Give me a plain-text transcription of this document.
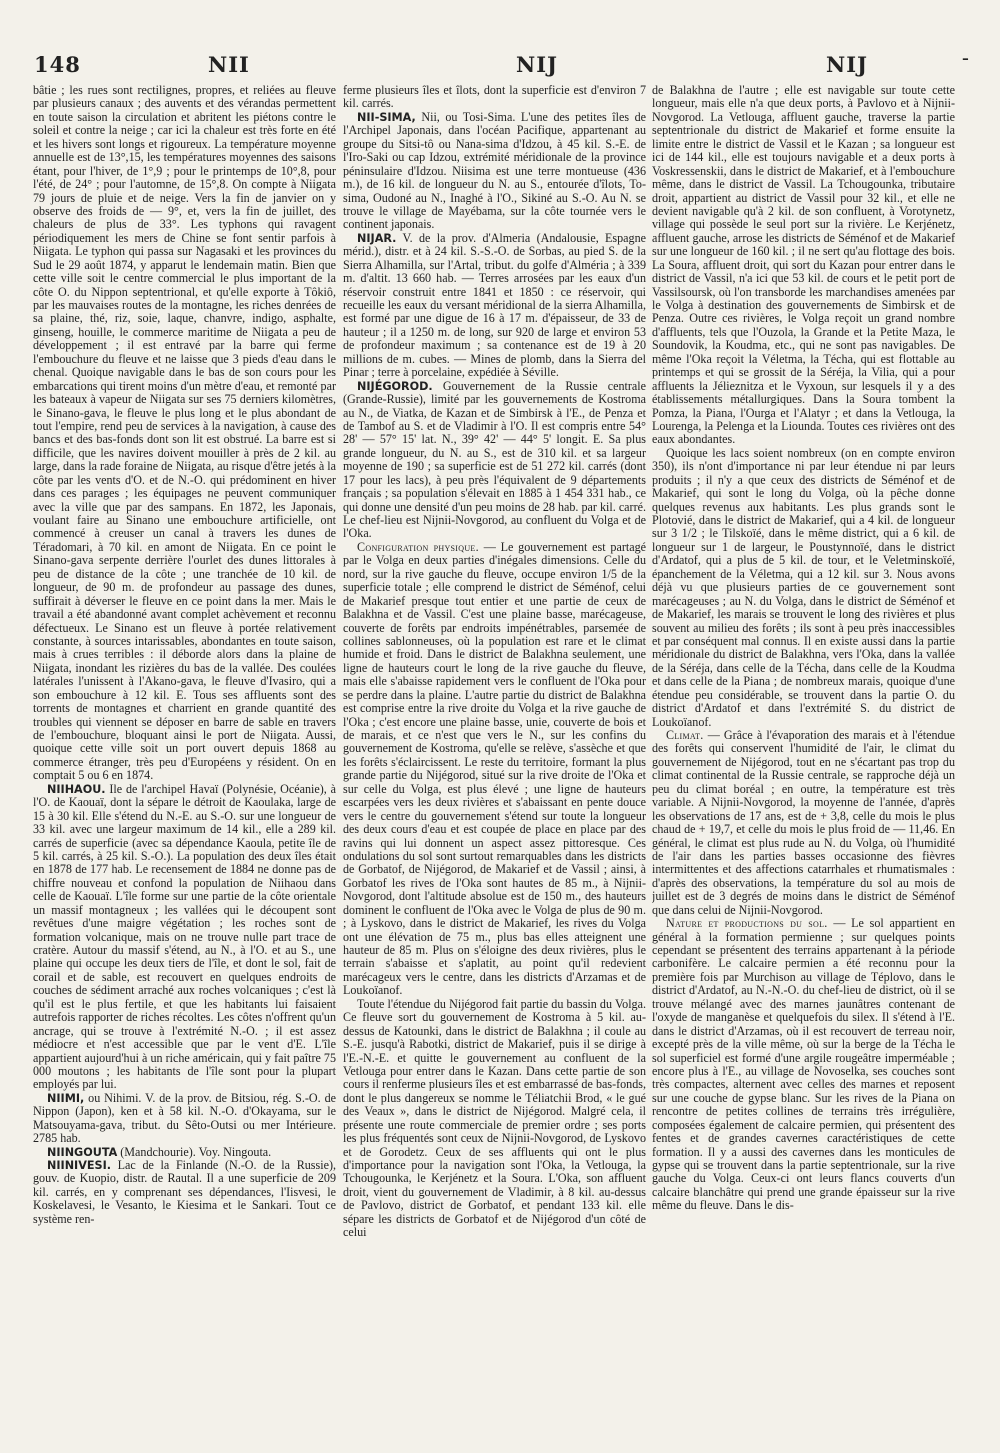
148	NII	NIJ	NIJ	-

bâtie ; les rues sont rectilignes, propres, et reliées au fleuve par plusieurs canaux ; des auvents et des vérandas permettent en toute saison la circulation et abritent les piétons contre le soleil et contre la neige ; car ici la chaleur est très forte en été et les hivers sont longs et rigoureux. La température moyenne annuelle est de 13°,15, les températures moyennes des saisons étant, pour l'hiver, de 1°,9 ; pour le printemps de 10°,8, pour l'été, de 24° ; pour l'automne, de 15°,8. On compte à Niigata 79 jours de pluie et de neige. Vers la fin de janvier on y observe des froids de — 9°, et, vers la fin de juillet, des chaleurs de plus de 33°. Les typhons qui ravagent périodiquement les mers de Chine se font sentir parfois à Niigata. Le typhon qui passa sur Nagasaki et les provinces du Sud le 29 août 1874, y apparut le lendemain matin. Bien que cette ville soit le centre commercial le plus important de la côte O. du Nippon septentrional, et qu'elle exporte à Tôkiô, par les mauvaises routes de la montagne, les riches denrées de sa plaine, thé, riz, soie, laque, chanvre, indigo, asphalte, ginseng, houille, le commerce maritime de Niigata a peu de développement ; il est entravé par la barre qui ferme l'embouchure du fleuve et ne laisse que 3 pieds d'eau dans le chenal. Quoique navigable dans le bas de son cours pour les embarcations qui tirent moins d'un mètre d'eau, et remonté par les bateaux à vapeur de Niigata sur ses 75 derniers kilomètres, le Sinano-gava, le fleuve le plus long et le plus abondant de tout l'empire, rend peu de services à la navigation, à cause des bancs et des bas-fonds dont son lit est obstrué. La barre est si difficile, que les navires doivent mouiller à près de 2 kil. au large, dans la rade foraine de Niigata, au risque d'être jetés à la côte par les vents d'O. et de N.-O. qui prédominent en hiver dans ces parages ; les équipages ne peuvent communiquer avec la ville que par des sampans. En 1872, les Japonais, voulant faire au Sinano une embouchure artificielle, ont commencé à creuser un canal à travers les dunes de Téradomari, à 70 kil. en amont de Niigata. En ce point le Sinano-gava serpente derrière l'ourlet des dunes littorales à peu de distance de la côte ; une tranchée de 10 kil. de longueur, de 90 m. de profondeur au passage des dunes, suffirait à déverser le fleuve en ce point dans la mer. Mais le travail a été abandonné avant complet achèvement et reconnu défectueux. Le Sinano est un fleuve à portée relativement constante, à sources intarissables, abondantes en toute saison, mais à crues terribles : il déborde alors dans la plaine de Niigata, inondant les rizières du bas de la vallée. Des coulées latérales l'unissent à l'Akano-gava, le fleuve d'Ivasiro, qui a son embouchure à 12 kil. E. Tous ses affluents sont des torrents de montagnes et charrient en grande quantité des troubles qui viennent se déposer en barre de sable en travers de l'embouchure, bloquant ainsi le port de Niigata. Aussi, quoique cette ville soit un port ouvert depuis 1868 au commerce étranger, très peu d'Européens y résident. On en comptait 5 ou 6 en 1874.

NIIHAOU. Ile de l'archipel Havaï (Polynésie, Océanie), à l'O. de Kaouaï, dont la sépare le détroit de Kaoulaka, large de 15 à 30 kil. Elle s'étend du N.-E. au S.-O. sur une longueur de 33 kil. avec une largeur maximum de 14 kil., elle a 289 kil. carrés de superficie (avec sa dépendance Kaoula, petite île de 5 kil. carrés, à 25 kil. S.-O.). La population des deux îles était en 1878 de 177 hab. Le recensement de 1884 ne donne pas de chiffre nouveau et confond la population de Niihaou dans celle de Kaouaï. L'île forme sur une partie de la côte orientale un massif montagneux ; les vallées qui le découpent sont revêtues d'une maigre végétation ; les roches sont de formation volcanique, mais on ne trouve nulle part trace de cratère. Autour du massif s'étend, au N., à l'O. et au S., une plaine qui occupe les deux tiers de l'île, et dont le sol, fait de corail et de sable, est recouvert en quelques endroits de couches de sédiment arraché aux roches volcaniques ; c'est là qu'il est le plus fertile, et que les habitants lui faisaient autrefois rapporter de riches récoltes. Les côtes n'offrent qu'un ancrage, qui se trouve à l'extrémité N.-O. ; il est assez médiocre et n'est accessible que par le vent d'E. L'île appartient aujourd'hui à un riche américain, qui y fait paître 75 000 moutons ; les habitants de l'île sont pour la plupart employés par lui.

NIIMI, ou Nihimi. V. de la prov. de Bitsiou, rég. S.-O. de Nippon (Japon), ken et à 58 kil. N.-O. d'Okayama, sur le Matsouyama-gava, tribut. du Sêto-Outsi ou mer Intérieure. 2785 hab.

NIINGOUTA (Mandchourie). Voy. Ningouta.

NIINIVESI. Lac de la Finlande (N.-O. de la Russie), gouv. de Kuopio, distr. de Rautal. Il a une superficie de 209 kil. carrés, en y comprenant ses dépendances, l'Iisvesi, le Koskelavesi, le Vesanto, le Kiesima et le Sankari. Tout ce système ren-

ferme plusieurs îles et îlots, dont la superficie est d'environ 7 kil. carrés.

NII-SIMA, Nii, ou Tosi-Sima. L'une des petites îles de l'Archipel Japonais, dans l'océan Pacifique, appartenant au groupe du Sitsi-tô ou Nana-sima d'Idzou, à 45 kil. S.-E. de l'Iro-Saki ou cap Idzou, extrémité méridionale de la province péninsulaire d'Idzou. Niisima est une terre montueuse (436 m.), de 16 kil. de longueur du N. au S., entourée d'îlots, To-sima, Oudoné au N., Inaghé à l'O., Sikiné au S.-O. Au N. se trouve le village de Mayébama, sur la côte tournée vers le continent japonais.

NIJAR. V. de la prov. d'Almeria (Andalousie, Espagne mérid.), distr. et à 24 kil. S.-S.-O. de Sorbas, au pied S. de la Sierra Alhamilla, sur l'Artal, tribut. du golfe d'Alméria ; à 339 m. d'altit. 13 660 hab. — Terres arrosées par les eaux d'un réservoir construit entre 1841 et 1850 : ce réservoir, qui recueille les eaux du versant méridional de la sierra Alhamilla, est formé par une digue de 16 à 17 m. d'épaisseur, de 33 de hauteur ; il a 1250 m. de long, sur 920 de large et environ 53 de profondeur maximum ; sa contenance est de 19 à 20 millions de m. cubes. — Mines de plomb, dans la Sierra del Pinar ; terre à porcelaine, expédiée à Séville.

NIJÉGOROD. Gouvernement de la Russie centrale (Grande-Russie), limité par les gouvernements de Kostroma au N., de Viatka, de Kazan et de Simbirsk à l'E., de Penza et de Tambof au S. et de Vladimir à l'O. Il est compris entre 54° 28' — 57° 15' lat. N., 39° 42' — 44° 5' longit. E. Sa plus grande longueur, du N. au S., est de 310 kil. et sa largeur moyenne de 190 ; sa superficie est de 51 272 kil. carrés (dont 17 pour les lacs), à peu près l'équivalent de 9 départements français ; sa population s'élevait en 1885 à 1 454 331 hab., ce qui donne une densité d'un peu moins de 28 hab. par kil. carré. Le chef-lieu est Nijnii-Novgorod, au confluent du Volga et de l'Oka.

Configuration physique. — Le gouvernement est partagé par le Volga en deux parties d'inégales dimensions. Celle du nord, sur la rive gauche du fleuve, occupe environ 1/5 de la superficie totale ; elle comprend le district de Séménof, celui de Makarief presque tout entier et une partie de ceux de Balakhna et de Vassil. C'est une plaine basse, marécageuse, couverte de forêts par endroits impénétrables, parsemée de collines sablonneuses, où la population est rare et le climat humide et froid. Dans le district de Balakhna seulement, une ligne de hauteurs court le long de la rive gauche du fleuve, mais elle s'abaisse rapidement vers le confluent de l'Oka pour se perdre dans la plaine. L'autre partie du district de Balakhna est comprise entre la rive droite du Volga et la rive gauche de l'Oka ; c'est encore une plaine basse, unie, couverte de bois et de marais, et ce n'est que vers le N., sur les confins du gouvernement de Kostroma, qu'elle se relève, s'assèche et que les forêts s'éclaircissent. Le reste du territoire, formant la plus grande partie du Nijégorod, situé sur la rive droite de l'Oka et sur celle du Volga, est plus élevé ; une ligne de hauteurs escarpées vers les deux rivières et s'abaissant en pente douce vers le centre du gouvernement s'étend sur toute la longueur des deux cours d'eau et est coupée de place en place par des ravins qui lui donnent un aspect assez pittoresque. Ces ondulations du sol sont surtout remarquables dans les districts de Gorbatof, de Nijégorod, de Makarief et de Vassil ; ainsi, à Gorbatof les rives de l'Oka sont hautes de 85 m., à Nijnii-Novgorod, dont l'altitude absolue est de 150 m., des hauteurs dominent le confluent de l'Oka avec le Volga de plus de 90 m. ; à Lyskovo, dans le district de Makarief, les rives du Volga ont une élévation de 75 m., plus bas elles atteignent une hauteur de 85 m. Plus on s'éloigne des deux rivières, plus le terrain s'abaisse et s'aplatit, au point qu'il redevient marécageux vers le centre, dans les districts d'Arzamas et de Loukoïanof.

Toute l'étendue du Nijégorod fait partie du bassin du Volga. Ce fleuve sort du gouvernement de Kostroma à 5 kil. au-dessus de Katounki, dans le district de Balakhna ; il coule au S.-E. jusqu'à Rabotki, district de Makarief, puis il se dirige à l'E.-N.-E. et quitte le gouvernement au confluent de la Vetlouga pour entrer dans le Kazan. Dans cette partie de son cours il renferme plusieurs îles et est embarrassé de bas-fonds, dont le plus dangereux se nomme le Téliatchii Brod, « le gué des Veaux », dans le district de Nijégorod. Malgré cela, il présente une route commerciale de premier ordre ; ses ports les plus fréquentés sont ceux de Nijnii-Novgorod, de Lyskovo et de Gorodetz. Ceux de ses affluents qui ont le plus d'importance pour la navigation sont l'Oka, la Vetlouga, la Tchougounka, le Kerjénetz et la Soura. L'Oka, son affluent droit, vient du gouvernement de Vladimir, à 8 kil. au-dessus de Pavlovo, district de Gorbatof, et pendant 133 kil. elle sépare les districts de Gorbatof et de Nijégorod d'un côté de celui

de Balakhna de l'autre ; elle est navigable sur toute cette longueur, mais elle n'a que deux ports, à Pavlovo et à Nijnii-Novgorod. La Vetlouga, affluent gauche, traverse la partie septentrionale du district de Makarief et forme ensuite la limite entre le district de Vassil et le Kazan ; sa longueur est ici de 144 kil., elle est toujours navigable et a deux ports à Voskressenskii, dans le district de Makarief, et à l'embouchure même, dans le district de Vassil. La Tchougounka, tributaire droit, appartient au district de Vassil pour 32 kil., et elle ne devient navigable qu'à 2 kil. de son confluent, à Vorotynetz, village qui possède le seul port sur la rivière. Le Kerjénetz, affluent gauche, arrose les districts de Séménof et de Makarief sur une longueur de 160 kil. ; il ne sert qu'au flottage des bois. La Soura, affluent droit, qui sort du Kazan pour entrer dans le district de Vassil, n'a ici que 53 kil. de cours et le petit port de Vassilsoursk, où l'on transborde les marchandises amenées par le Volga à destination des gouvernements de Simbirsk et de Penza. Outre ces rivières, le Volga reçoit un grand nombre d'affluents, tels que l'Ouzola, la Grande et la Petite Maza, le Soundovik, la Koudma, etc., qui ne sont pas navigables. De même l'Oka reçoit la Véletma, la Técha, qui est flottable au printemps et qui se grossit de la Séréja, la Vilia, qui a pour affluents la Jélieznitza et le Vyxoun, sur lesquels il y a des établissements métallurgiques. Dans la Soura tombent la Pomza, la Piana, l'Ourga et l'Alatyr ; et dans la Vetlouga, la Lourenga, la Pelenga et la Liounda. Toutes ces rivières ont des eaux abondantes.

Quoique les lacs soient nombreux (on en compte environ 350), ils n'ont d'importance ni par leur étendue ni par leurs produits ; il n'y a que ceux des districts de Séménof et de Makarief, qui sont le long du Volga, où la pêche donne quelques revenus aux habitants. Les plus grands sont le Plotovié, dans le district de Makarief, qui a 4 kil. de longueur sur 3 1/2 ; le Tilskoïé, dans le même district, qui a 6 kil. de longueur sur 1 de largeur, le Poustynnoïé, dans le district d'Ardatof, qui a plus de 5 kil. de tour, et le Veletminskoïé, épanchement de la Véletma, qui a 12 kil. sur 3. Nous avons déjà vu que plusieurs parties de ce gouvernement sont marécageuses ; au N. du Volga, dans le district de Séménof et de Makarief, les marais se trouvent le long des rivières et plus souvent au milieu des forêts ; ils sont à peu près inaccessibles et par conséquent mal connus. Il en existe aussi dans la partie méridionale du district de Balakhna, vers l'Oka, dans la vallée de la Séréja, dans celle de la Técha, dans celle de la Koudma et dans celle de la Piana ; de nombreux marais, quoique d'une étendue peu considérable, se trouvent dans la partie O. du district d'Ardatof et dans l'extrémité S. du district de Loukoïanof.

Climat. — Grâce à l'évaporation des marais et à l'étendue des forêts qui conservent l'humidité de l'air, le climat du gouvernement de Nijégorod, tout en ne s'écartant pas trop du climat continental de la Russie centrale, se rapproche déjà un peu du climat boréal ; en outre, la température est très variable. A Nijnii-Novgorod, la moyenne de l'année, d'après les observations de 17 ans, est de + 3,8, celle du mois le plus chaud de + 19,7, et celle du mois le plus froid de — 11,46. En général, le climat est plus rude au N. du Volga, où l'humidité de l'air dans les parties basses occasionne des fièvres intermittentes et des affections catarrhales et rhumatismales : d'après des observations, la température du sol au mois de juillet est de 3 degrés de moins dans le district de Séménof que dans celui de Nijnii-Novgorod.

Nature et productions du sol. — Le sol appartient en général à la formation permienne ; sur quelques points cependant se présentent des terrains appartenant à la période carbonifère. Le calcaire permien a été reconnu pour la première fois par Murchison au village de Téplovo, dans le district d'Ardatof, au N.-N.-O. du chef-lieu de district, où il se trouve mélangé avec des marnes jaunâtres contenant de l'oxyde de manganèse et quelquefois du silex. Il s'étend à l'E. dans le district d'Arzamas, où il est recouvert de terreau noir, excepté près de la ville même, où sur la berge de la Técha le sol superficiel est formé d'une argile rougeâtre imperméable ; encore plus à l'E., au village de Novoselka, ses couches sont très compactes, alternent avec celles des marnes et reposent sur une couche de gypse blanc. Sur les rives de la Piana on rencontre de petites collines de terrains très irrégulière, composées également de calcaire permien, qui présentent des fentes et de grandes cavernes caractéristiques de cette formation. Il y a aussi des cavernes dans les monticules de gypse qui se trouvent dans la partie septentrionale, sur la rive gauche du Volga. Ceux-ci ont leurs flancs couverts d'un calcaire blanchâtre qui prend une grande épaisseur sur la rive même du fleuve. Dans le dis-
